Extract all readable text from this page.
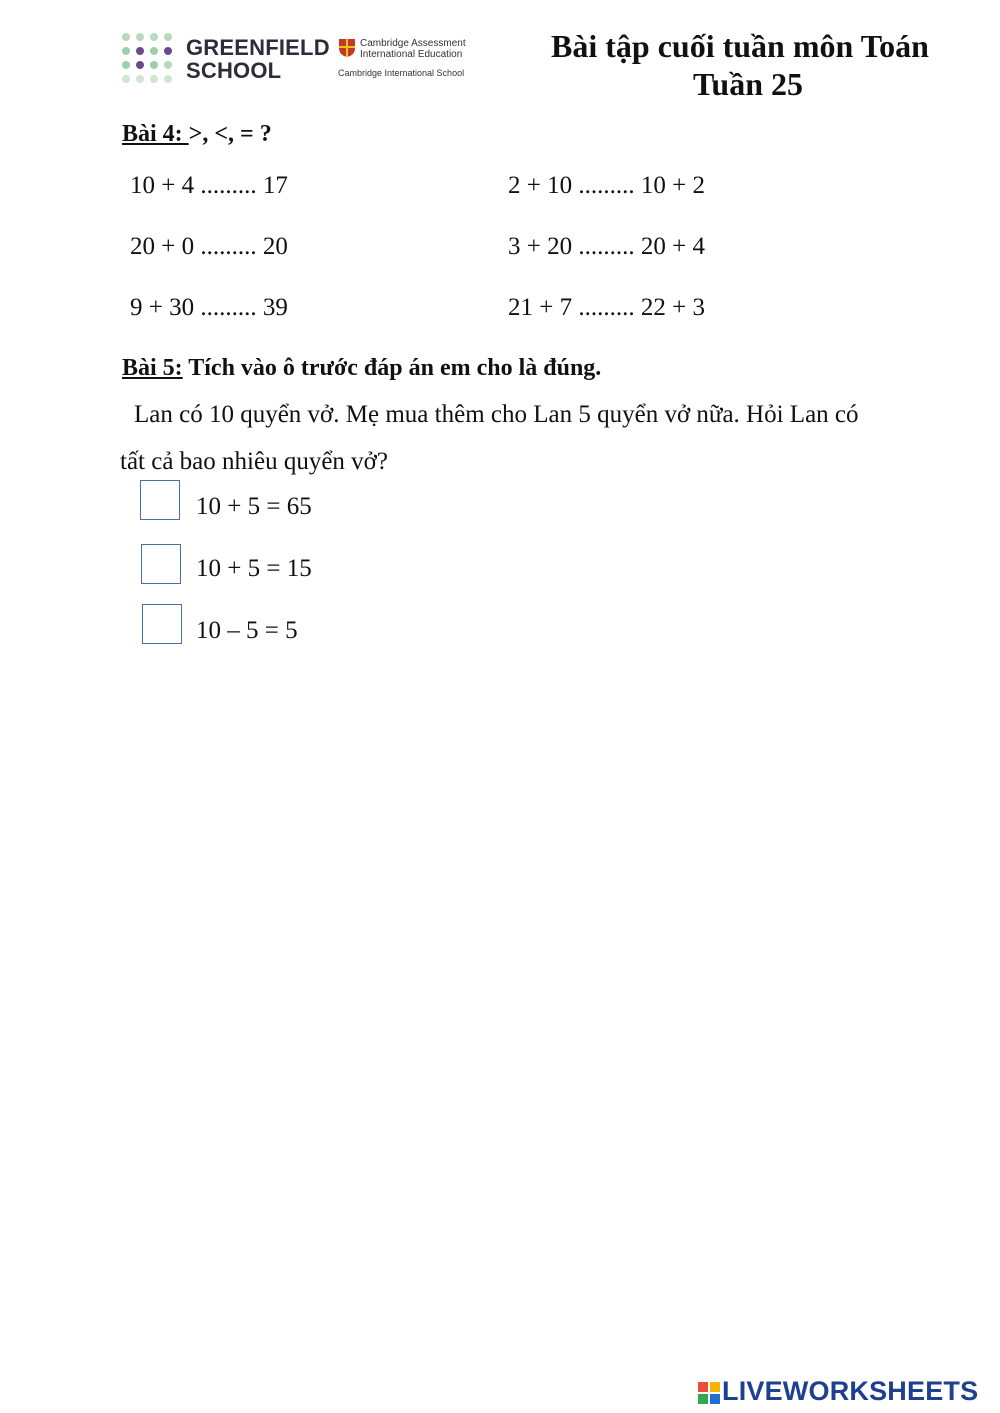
GREENFIELD
SCHOOL
Cambridge Assessment
International Education
Cambridge International School
Bài tập cuối tuần môn Toán
Tuần 25
Bài 4: >, <, = ?
10 + 4 ......... 17	2 + 10 ......... 10 + 2
20 + 0 ......... 20	3 + 20 ......... 20 + 4
9 + 30 ......... 39	21 + 7 ......... 22 + 3
Bài 5: Tích vào ô trước đáp án em cho là đúng.
Lan có 10 quyển vở. Mẹ mua thêm cho Lan 5 quyển vở nữa. Hỏi Lan có
tất cả bao nhiêu quyển vở?
10 + 5 = 65
10 + 5 = 15
10 – 5 = 5
LIVEWORKSHEETS
